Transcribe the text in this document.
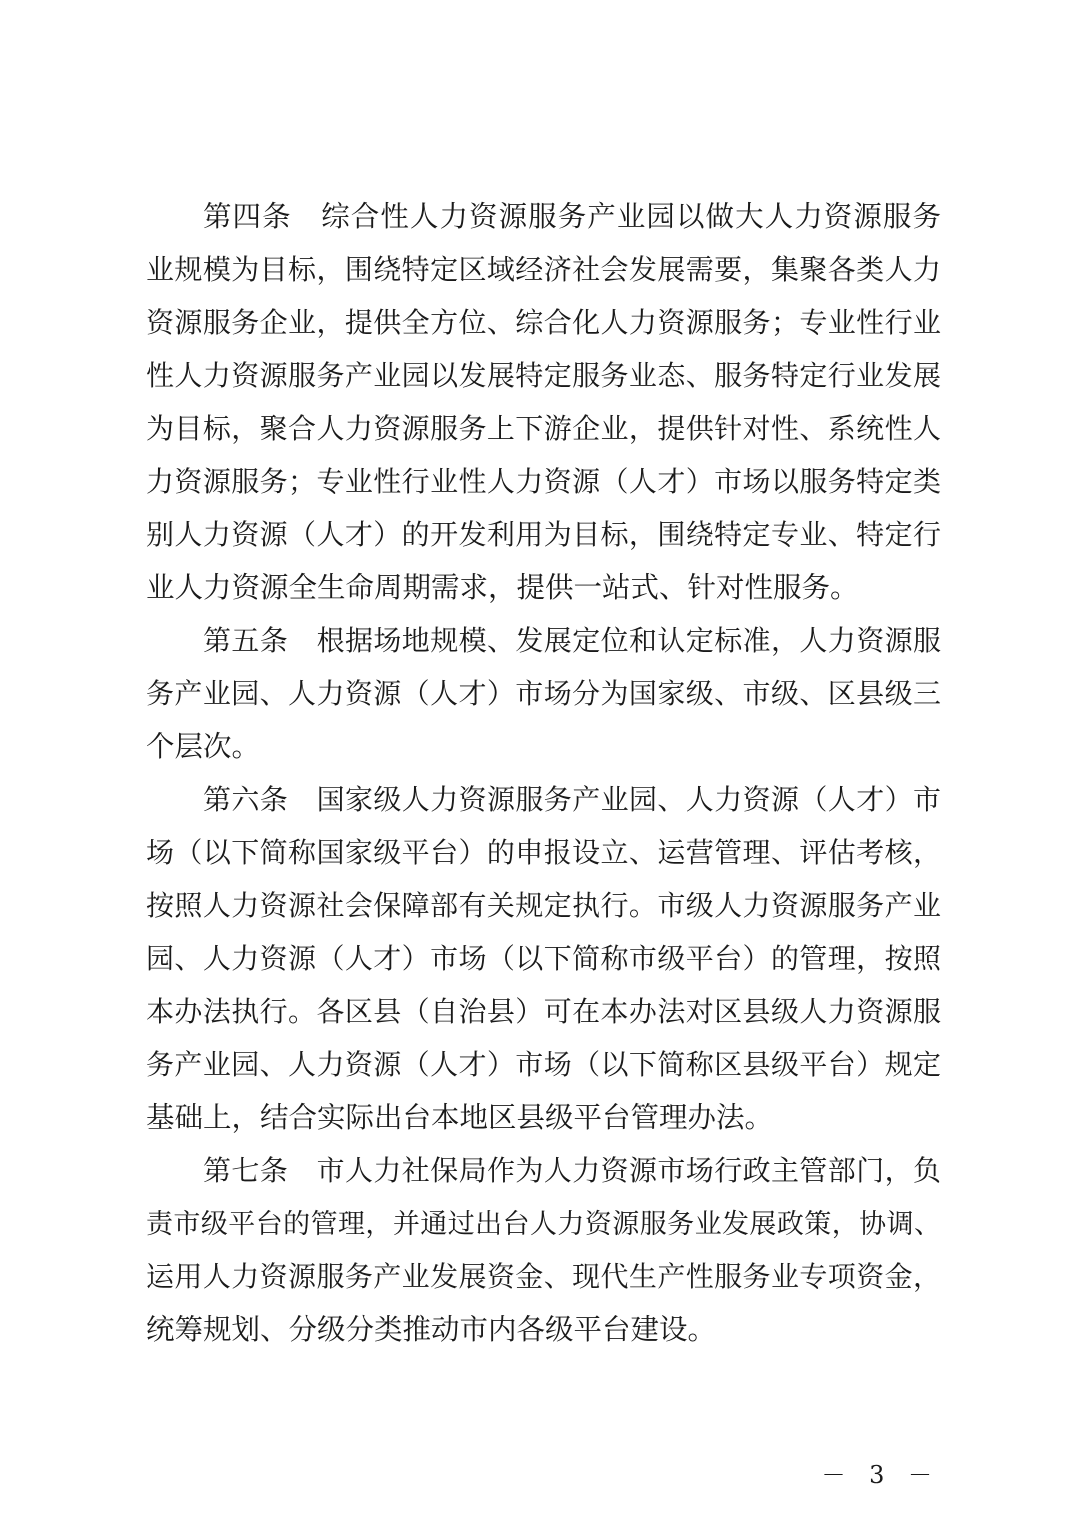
第四条　综合性人力资源服务产业园以做大人力资源服务
业规模为目标，围绕特定区域经济社会发展需要，集聚各类人力
资源服务企业，提供全方位、综合化人力资源服务；专业性行业
性人力资源服务产业园以发展特定服务业态、服务特定行业发展
为目标，聚合人力资源服务上下游企业，提供针对性、系统性人
力资源服务；专业性行业性人力资源（人才）市场以服务特定类
别人力资源（人才）的开发利用为目标，围绕特定专业、特定行
业人力资源全生命周期需求，提供一站式、针对性服务。
第五条　根据场地规模、发展定位和认定标准，人力资源服
务产业园、人力资源（人才）市场分为国家级、市级、区县级三
个层次。
第六条　国家级人力资源服务产业园、人力资源（人才）市
场（以下简称国家级平台）的申报设立、运营管理、评估考核，
按照人力资源社会保障部有关规定执行。市级人力资源服务产业
园、人力资源（人才）市场（以下简称市级平台）的管理，按照
本办法执行。各区县（自治县）可在本办法对区县级人力资源服
务产业园、人力资源（人才）市场（以下简称区县级平台）规定
基础上，结合实际出台本地区县级平台管理办法。
第七条　市人力社保局作为人力资源市场行政主管部门，负
责市级平台的管理，并通过出台人力资源服务业发展政策，协调、
运用人力资源服务产业发展资金、现代生产性服务业专项资金，
统筹规划、分级分类推动市内各级平台建设。
－ 3 －
